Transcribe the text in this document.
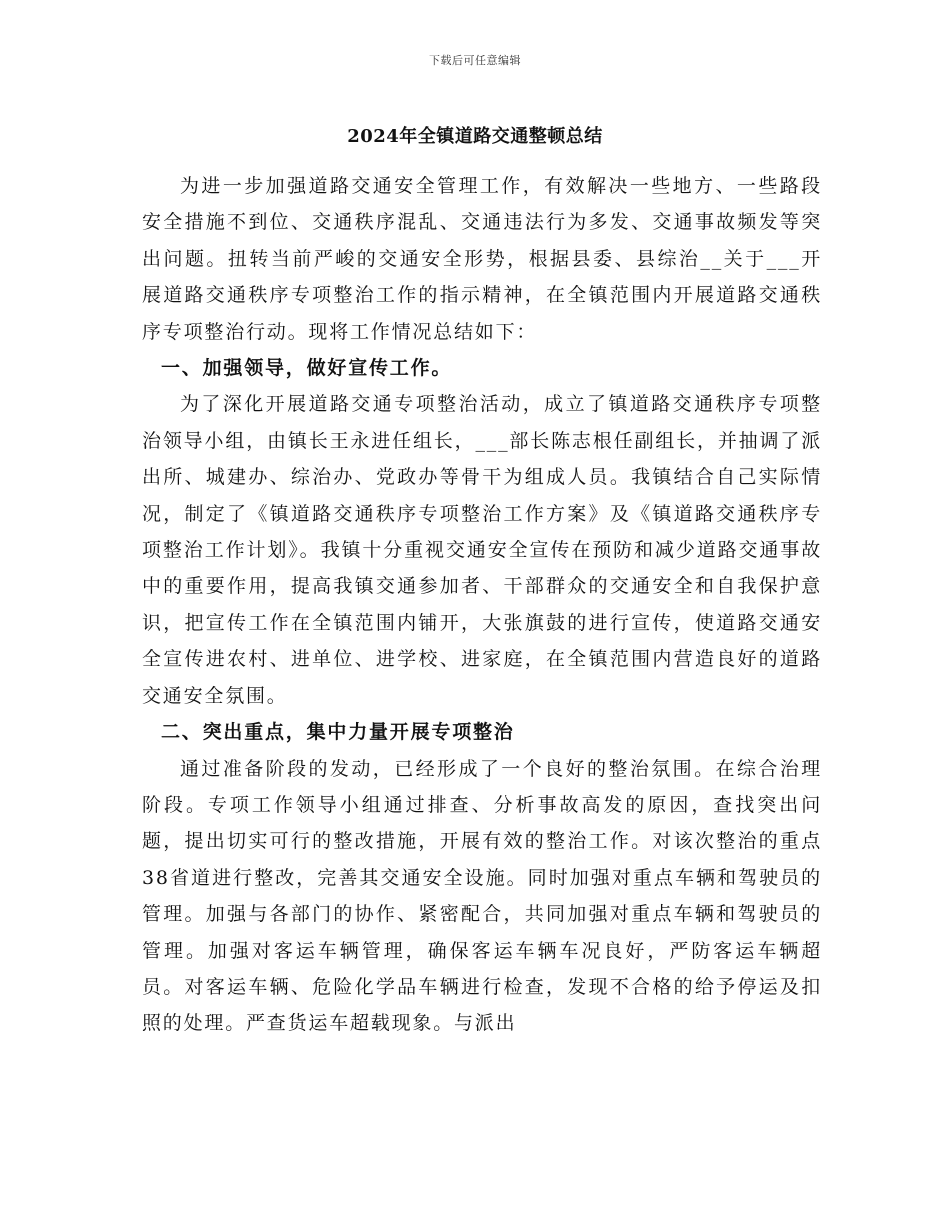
下载后可任意编辑
2024年全镇道路交通整顿总结

为进一步加强道路交通安全管理工作，有效解决一些地方、一些路段安全措施不到位、交通秩序混乱、交通违法行为多发、交通事故频发等突出问题。扭转当前严峻的交通安全形势，根据县委、县综治__关于___开展道路交通秩序专项整治工作的指示精神，在全镇范围内开展道路交通秩序专项整治行动。现将工作情况总结如下：

一、加强领导，做好宣传工作。

为了深化开展道路交通专项整治活动，成立了镇道路交通秩序专项整治领导小组，由镇长王永进任组长，___部长陈志根任副组长，并抽调了派出所、城建办、综治办、党政办等骨干为组成人员。我镇结合自己实际情况，制定了《镇道路交通秩序专项整治工作方案》及《镇道路交通秩序专项整治工作计划》。我镇十分重视交通安全宣传在预防和减少道路交通事故中的重要作用，提高我镇交通参加者、干部群众的交通安全和自我保护意识，把宣传工作在全镇范围内铺开，大张旗鼓的进行宣传，使道路交通安全宣传进农村、进单位、进学校、进家庭，在全镇范围内营造良好的道路交通安全氛围。

二、突出重点，集中力量开展专项整治

通过准备阶段的发动，已经形成了一个良好的整治氛围。在综合治理阶段。专项工作领导小组通过排查、分析事故高发的原因，查找突出问题，提出切实可行的整改措施，开展有效的整治工作。对该次整治的重点38省道进行整改，完善其交通安全设施。同时加强对重点车辆和驾驶员的管理。加强与各部门的协作、紧密配合，共同加强对重点车辆和驾驶员的管理。加强对客运车辆管理，确保客运车辆车况良好，严防客运车辆超员。对客运车辆、危险化学品车辆进行检查，发现不合格的给予停运及扣照的处理。严查货运车超载现象。与派出
